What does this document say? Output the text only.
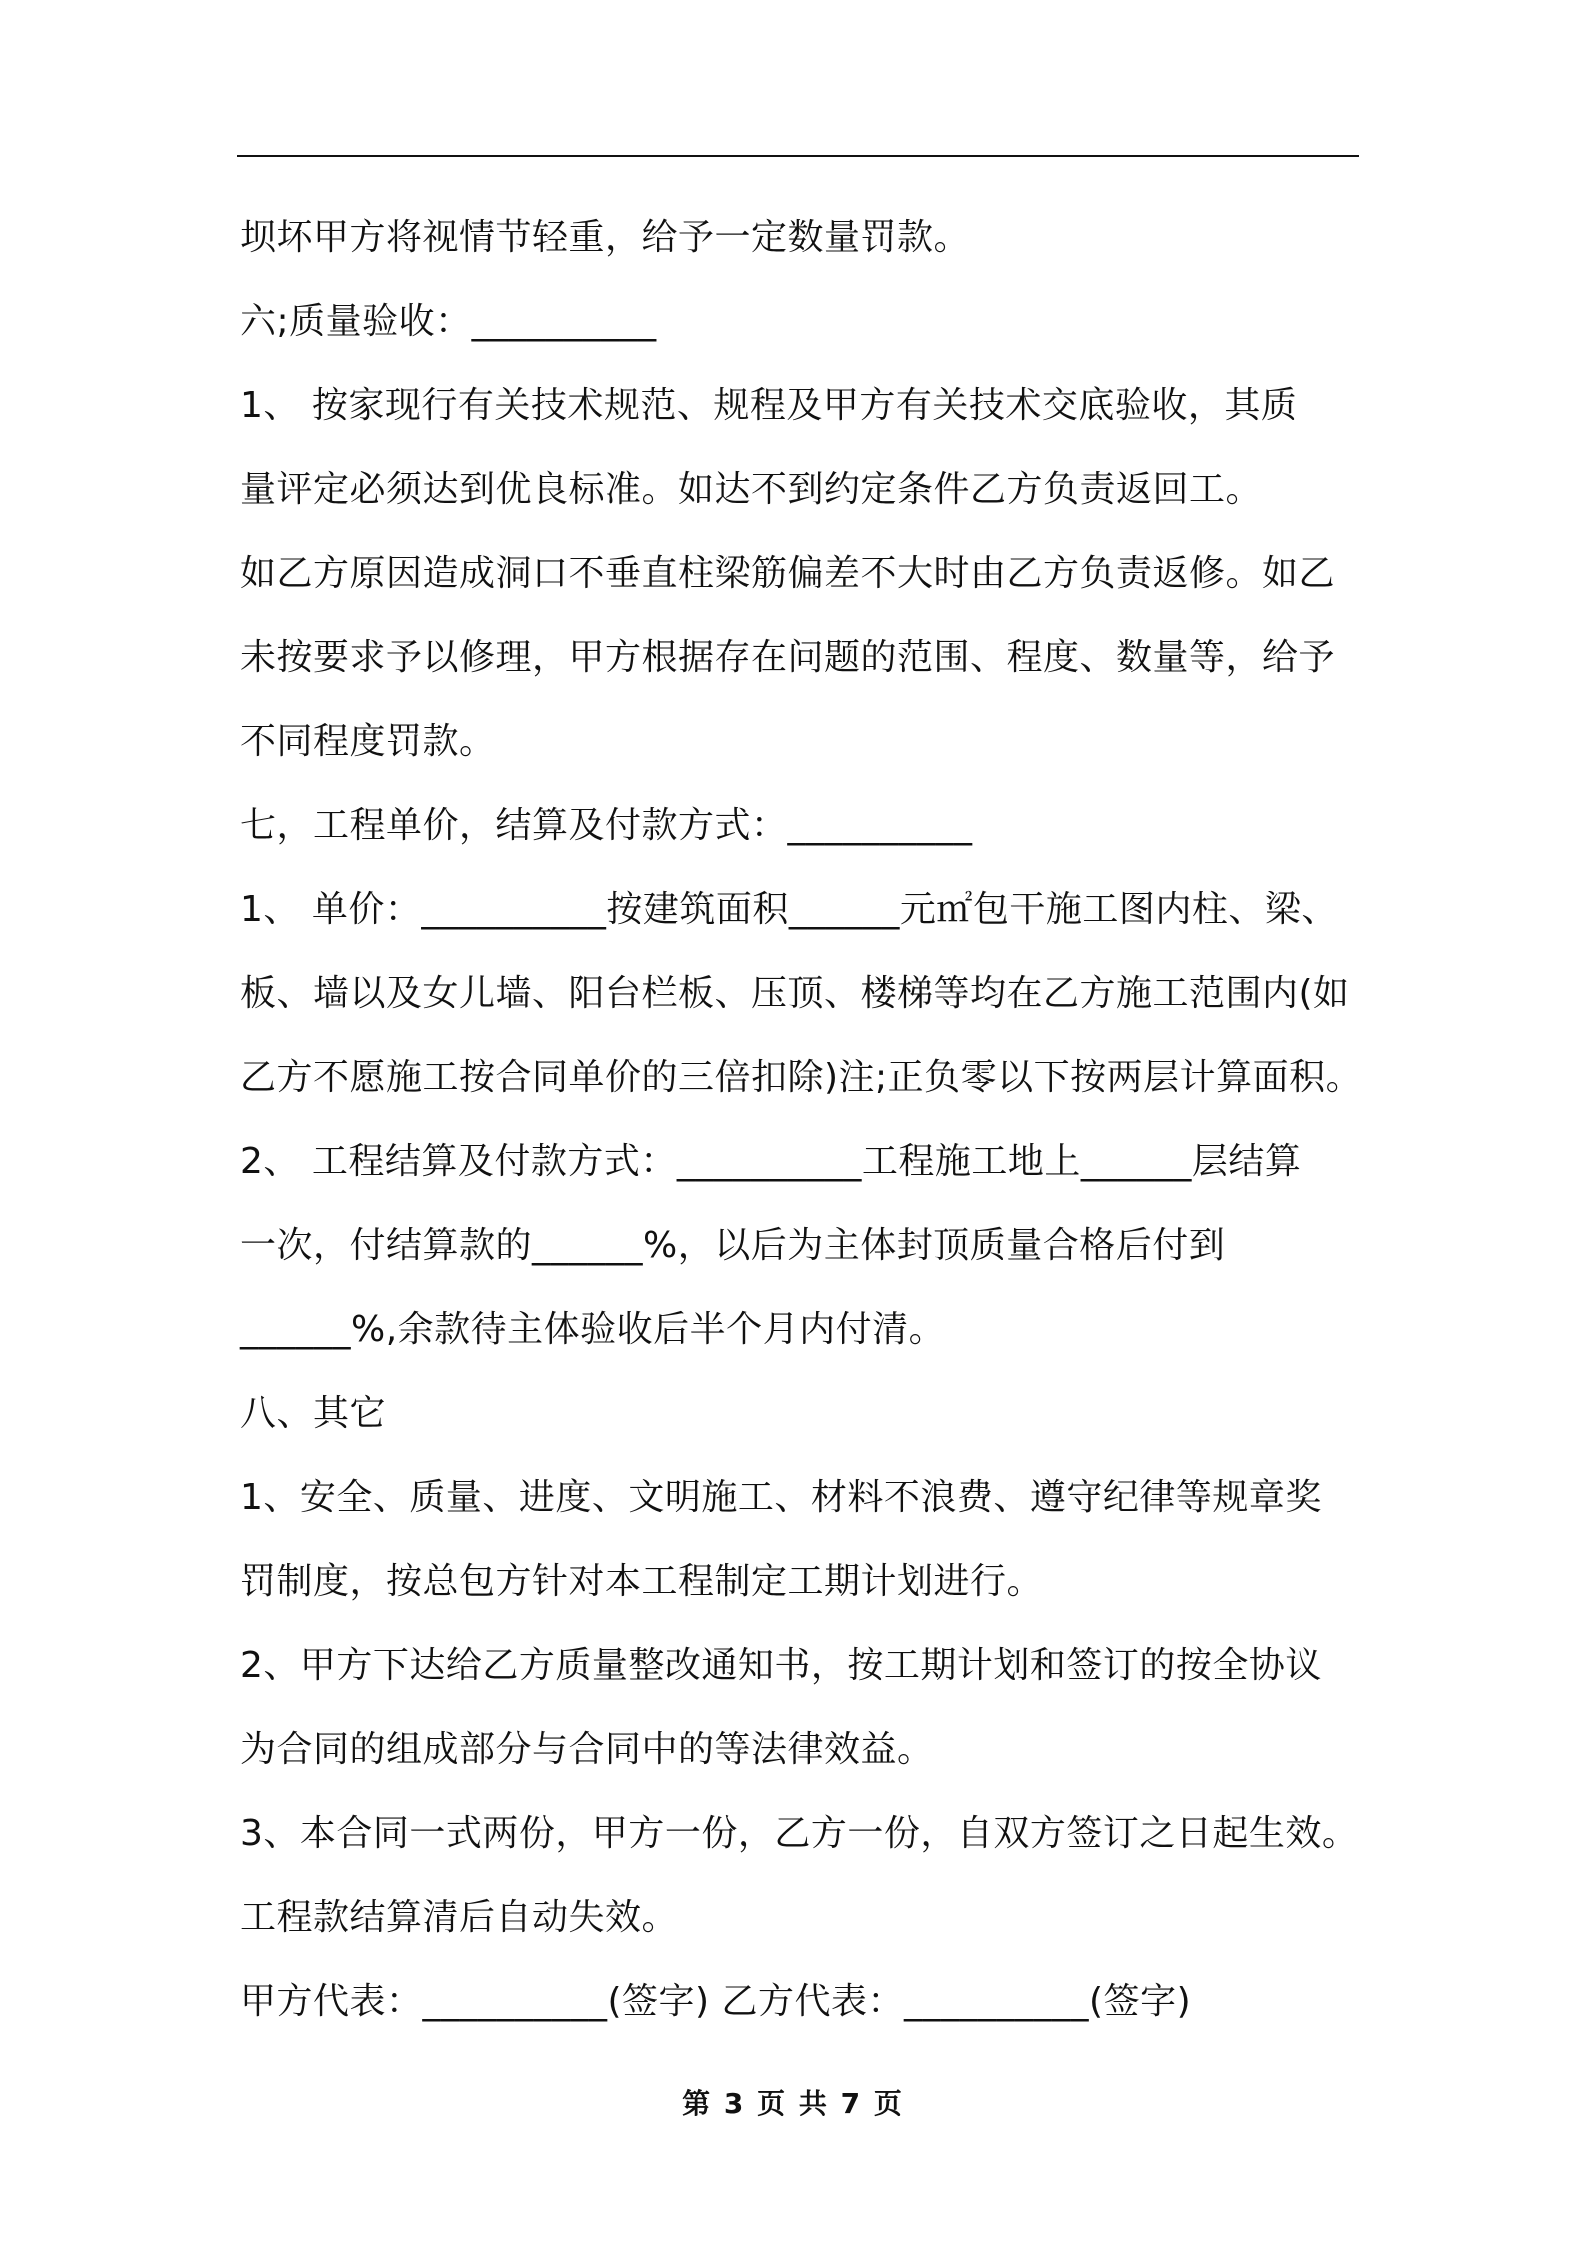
坝坏甲方将视情节轻重，给予一定数量罚款。
六;质量验收：__________
1、 按家现行有关技术规范、规程及甲方有关技术交底验收，其质
量评定必须达到优良标准。如达不到约定条件乙方负责返回工。
如乙方原因造成洞口不垂直柱梁筋偏差不大时由乙方负责返修。如乙
未按要求予以修理，甲方根据存在问题的范围、程度、数量等，给予
不同程度罚款。
七，工程单价，结算及付款方式：__________
1、 单价：__________按建筑面积______元㎡包干施工图内柱、梁、
板、墙以及女儿墙、阳台栏板、压顶、楼梯等均在乙方施工范围内(如
乙方不愿施工按合同单价的三倍扣除)注;正负零以下按两层计算面积。
2、 工程结算及付款方式：__________工程施工地上______层结算
一次，付结算款的______%，以后为主体封顶质量合格后付到
______%,余款待主体验收后半个月内付清。
八、其它
1、安全、质量、进度、文明施工、材料不浪费、遵守纪律等规章奖
罚制度，按总包方针对本工程制定工期计划进行。
2、甲方下达给乙方质量整改通知书，按工期计划和签订的按全协议
为合同的组成部分与合同中的等法律效益。
3、本合同一式两份，甲方一份，乙方一份，自双方签订之日起生效。
工程款结算清后自动失效。
甲方代表：__________(签字) 乙方代表：__________(签字)
第 3 页 共 7 页
